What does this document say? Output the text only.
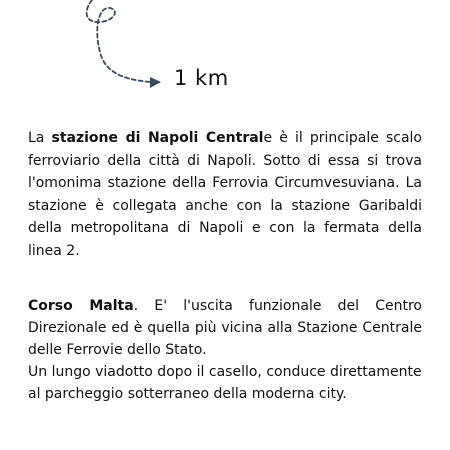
1 km

La stazione di Napoli Centrale è il principale scalo ferroviario della città di Napoli. Sotto di essa si trova l'omonima stazione della Ferrovia Circumvesuviana. La stazione è collegata anche con la stazione Garibaldi della metropolitana di Napoli e con la fermata della linea 2.

Corso Malta. E' l'uscita funzionale del Centro Direzionale ed è quella più vicina alla Stazione Centrale delle Ferrovie dello Stato.
Un lungo viadotto dopo il casello, conduce direttamente al parcheggio sotterraneo della moderna city.
